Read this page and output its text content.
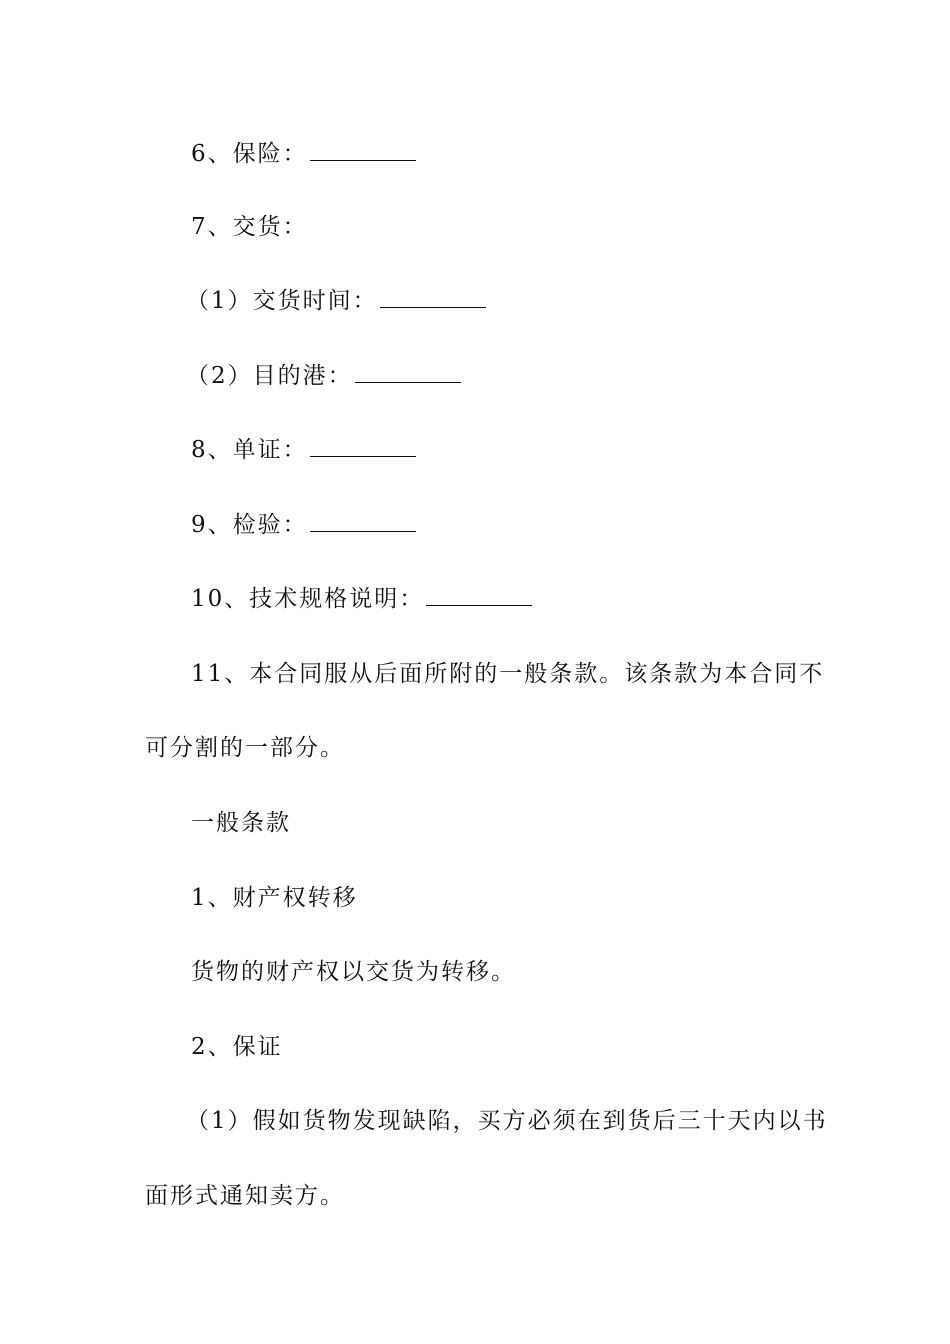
6、保险：
7、交货：
（1）交货时间：
（2）目的港：
8、单证：
9、检验：
10、技术规格说明：
11、本合同服从后面所附的一般条款。该条款为本合同不
可分割的一部分。
一般条款
1、财产权转移
货物的财产权以交货为转移。
2、保证
（1）假如货物发现缺陷，买方必须在到货后三十天内以书
面形式通知卖方。
